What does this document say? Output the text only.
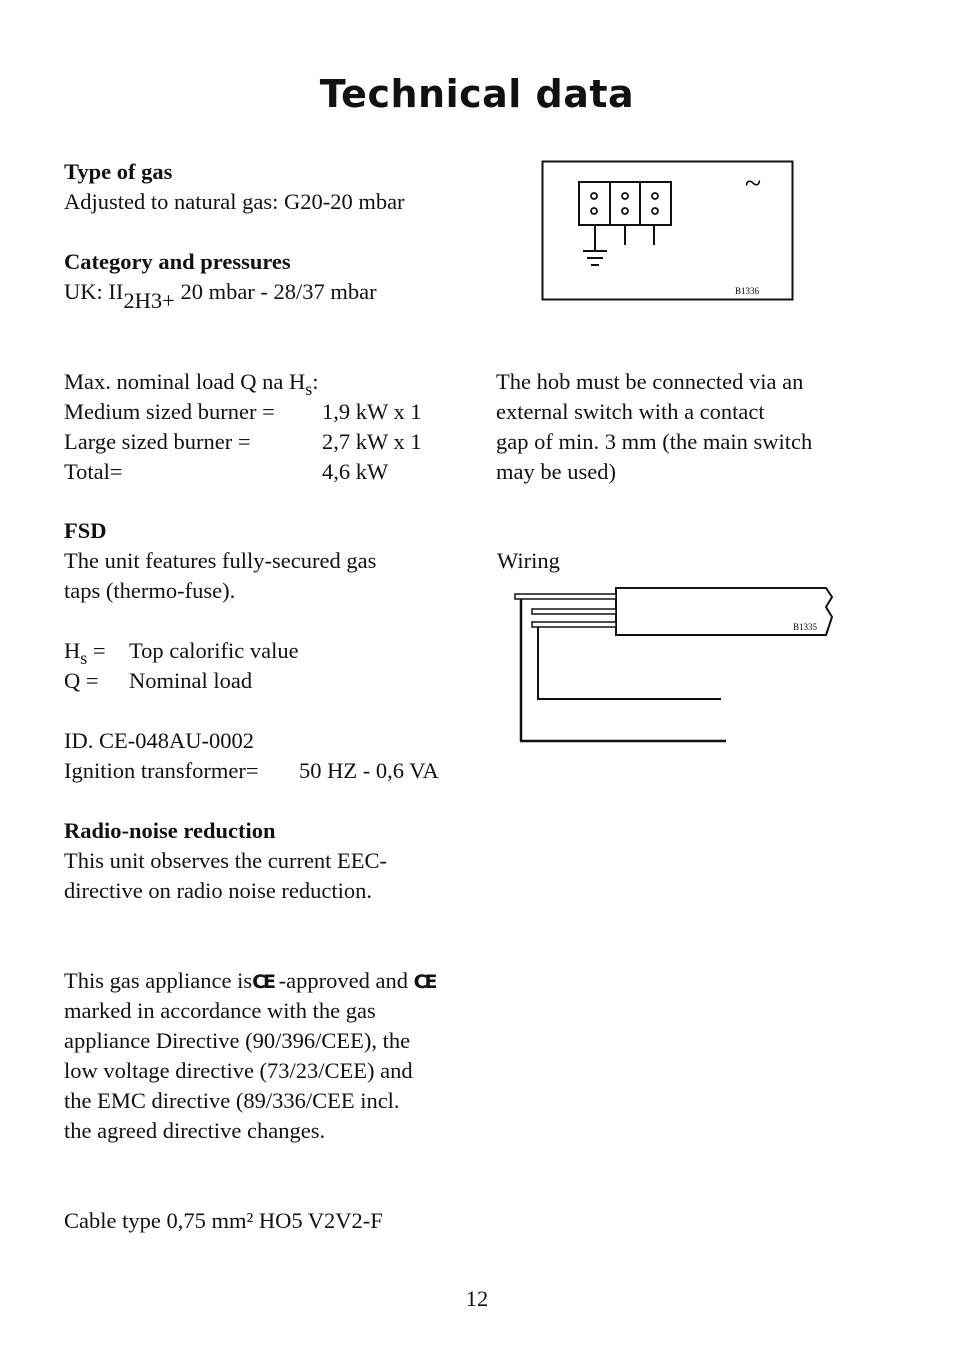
Technical data
Type of gas
Adjusted to natural gas: G20-20 mbar
Category and pressures
UK: II2H3+ 20 mbar - 28/37 mbar
Max. nominal load Q na $H_s$:
Medium sized burner = 1,9 kW x 1
Large sized burner =	2,7 kW x 1
Total=	4,6 kW
FSD
The unit features fully-secured gas
taps (thermo-fuse).
$H_s$ = Top calorific value
Q = Nominal load
ID. CE-048AU-0002
Ignition transformer= 50 HZ - 0,6 VA
Radio-noise reduction
This unit observes the current EEC-
directive on radio noise reduction.
This gas appliance isCE -approved and CE
marked in accordance with the gas
appliance Directive (90/396/CEE), the
low voltage directive (73/23/CEE) and
the EMC directive (89/336/CEE incl.
the agreed directive changes.
Cable type 0,75 mm² HO5 V2V2-F
The hob must be connected via an
external switch with a contact
gap of min. 3 mm (the main switch
may be used)
Wiring
~
B1336
B1335
12
